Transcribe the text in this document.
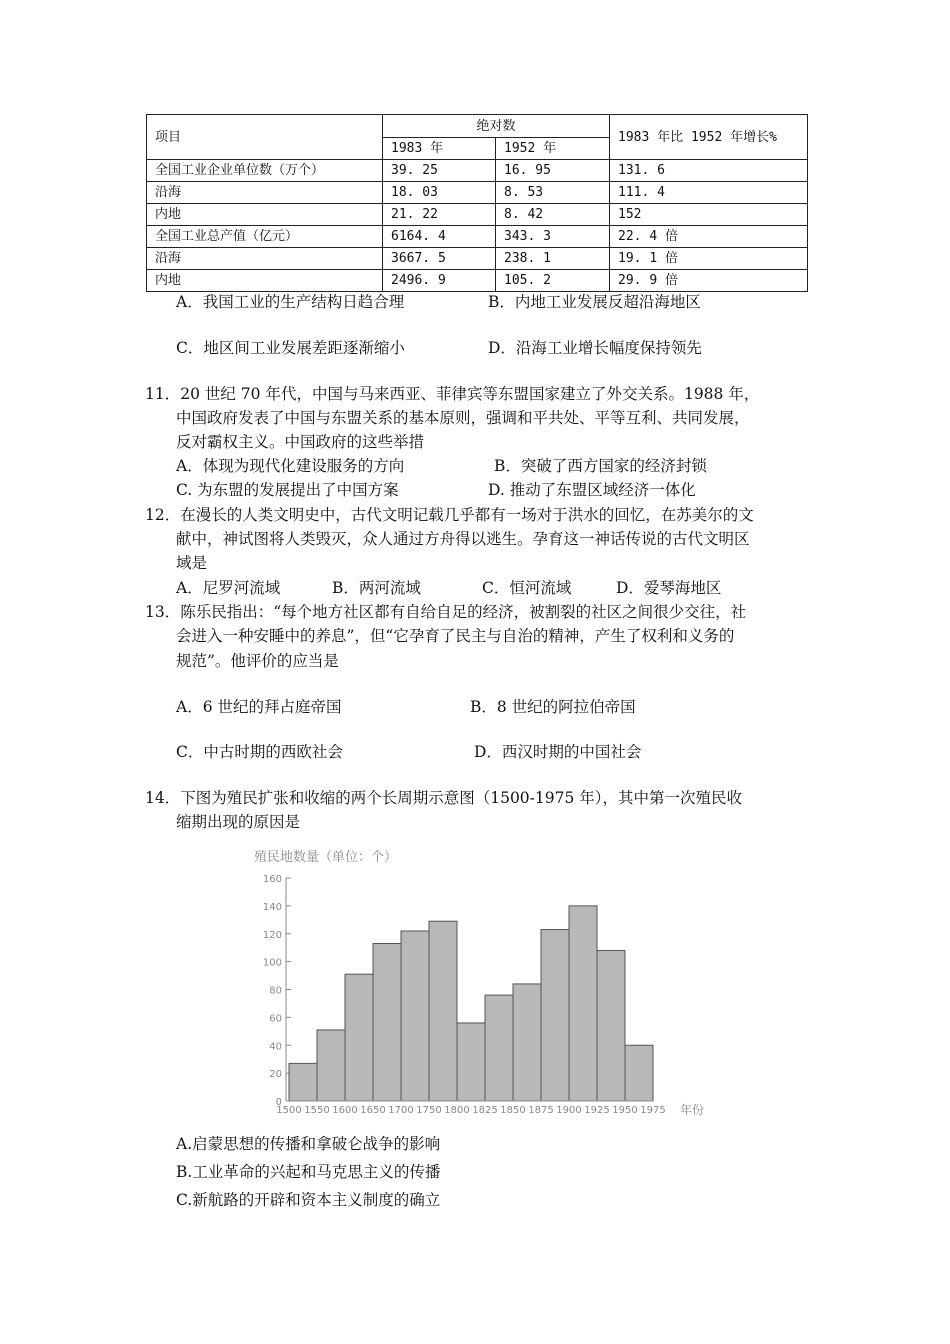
项目	绝对数		1983 年比 1952 年增长%
	1983 年	1952 年	
全国工业企业单位数（万个）	39. 25	16. 95	131. 6
沿海	18. 03	8. 53	111. 4
内地	21. 22	8. 42	152
全国工业总产值（亿元）	6164. 4	343. 3	22. 4 倍
沿海	3667. 5	238. 1	19. 1 倍
内地	2496. 9	105. 2	29. 9 倍
A．我国工业的生产结构日趋合理	B．内地工业发展反超沿海地区
C．地区间工业发展差距逐渐缩小	D．沿海工业增长幅度保持领先
11．20 世纪 70 年代，中国与马来西亚、菲律宾等东盟国家建立了外交关系。1988 年，
中国政府发表了中国与东盟关系的基本原则，强调和平共处、平等互利、共同发展，
反对霸权主义。中国政府的这些举措
A．体现为现代化建设服务的方向	B．突破了西方国家的经济封锁
C. 为东盟的发展提出了中国方案	D. 推动了东盟区域经济一体化
12．在漫长的人类文明史中，古代文明记载几乎都有一场对于洪水的回忆，在苏美尔的文
献中，神试图将人类毁灭，众人通过方舟得以逃生。孕育这一神话传说的古代文明区
域是
A．尼罗河流域	B．两河流域	C．恒河流域	D．爱琴海地区
13．陈乐民指出：“每个地方社区都有自给自足的经济，被割裂的社区之间很少交往，社
会进入一种安睡中的养息”，但“它孕育了民主与自治的精神，产生了权利和义务的
规范”。他评价的应当是
A．6 世纪的拜占庭帝国	B．8 世纪的阿拉伯帝国
C．中古时期的西欧社会	D．西汉时期的中国社会
14．下图为殖民扩张和收缩的两个长周期示意图（1500-1975 年），其中第一次殖民收
缩期出现的原因是
殖民地数量（单位：个）
0
20
40
60
80
100
120
140
160
1500 1550 1600 1650 1700 1750 1800 1825 1850 1875 1900 1925 1950 1975 年份
A.启蒙思想的传播和拿破仑战争的影响
B.工业革命的兴起和马克思主义的传播
C.新航路的开辟和资本主义制度的确立
